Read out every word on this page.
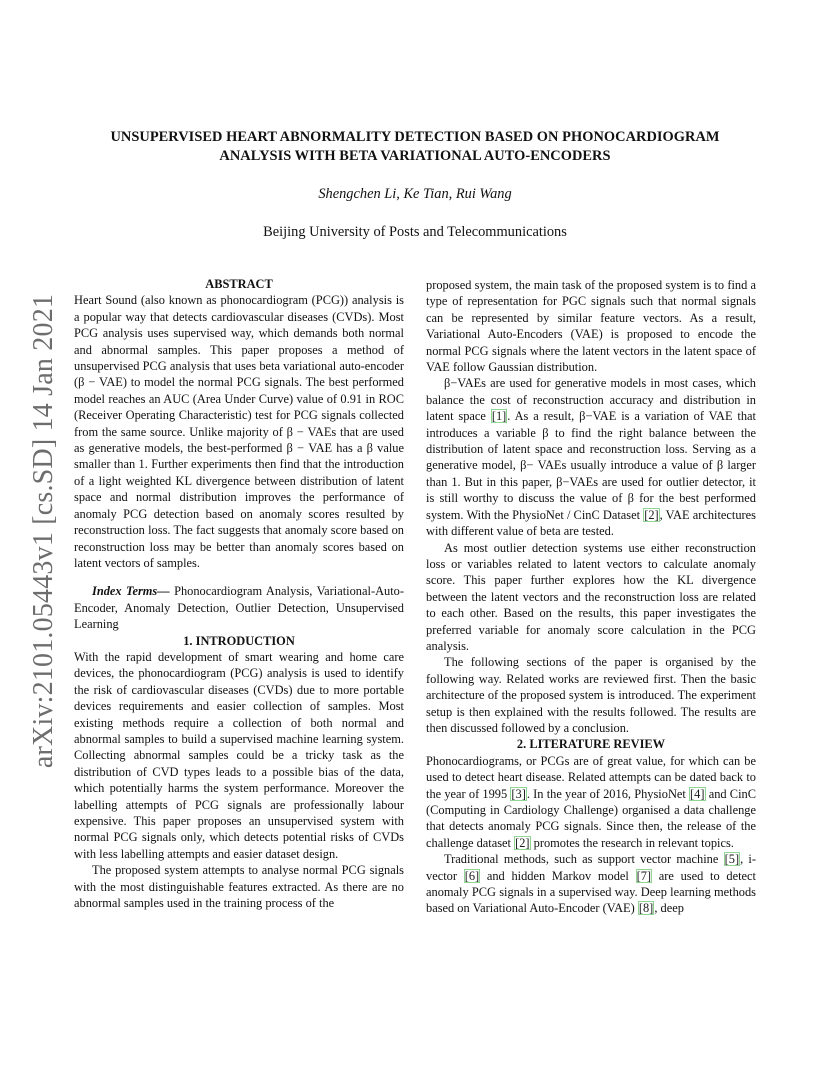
arXiv:2101.05443v1 [cs.SD] 14 Jan 2021
UNSUPERVISED HEART ABNORMALITY DETECTION BASED ON PHONOCARDIOGRAM
ANALYSIS WITH BETA VARIATIONAL AUTO-ENCODERS
Shengchen Li, Ke Tian, Rui Wang
Beijing University of Posts and Telecommunications

ABSTRACT

Heart Sound (also known as phonocardiogram (PCG)) analysis is a popular way that detects cardiovascular diseases (CVDs). Most PCG analysis uses supervised way, which demands both normal and abnormal samples. This paper proposes a method of unsupervised PCG analysis that uses beta variational auto-encoder (β − VAE) to model the normal PCG signals. The best performed model reaches an AUC (Area Under Curve) value of 0.91 in ROC (Receiver Operating Characteristic) test for PCG signals collected from the same source. Unlike majority of β − VAEs that are used as generative models, the best-performed β − VAE has a β value smaller than 1. Further experiments then find that the introduction of a light weighted KL divergence between distribution of latent space and normal distribution improves the performance of anomaly PCG detection based on anomaly scores resulted by reconstruction loss. The fact suggests that anomaly score based on reconstruction loss may be better than anomaly scores based on latent vectors of samples.

Index Terms— Phonocardiogram Analysis, Variational-Auto-Encoder, Anomaly Detection, Outlier Detection, Unsupervised Learning

1. INTRODUCTION

With the rapid development of smart wearing and home care devices, the phonocardiogram (PCG) analysis is used to identify the risk of cardiovascular diseases (CVDs) due to more portable devices requirements and easier collection of samples. Most existing methods require a collection of both normal and abnormal samples to build a supervised machine learning system. Collecting abnormal samples could be a tricky task as the distribution of CVD types leads to a possible bias of the data, which potentially harms the system performance. Moreover the labelling attempts of PCG signals are professionally labour expensive. This paper proposes an unsupervised system with normal PCG signals only, which detects potential risks of CVDs with less labelling attempts and easier dataset design.

The proposed system attempts to analyse normal PCG signals with the most distinguishable features extracted. As there are no abnormal samples used in the training process of the

proposed system, the main task of the proposed system is to find a type of representation for PGC signals such that normal signals can be represented by similar feature vectors. As a result, Variational Auto-Encoders (VAE) is proposed to encode the normal PCG signals where the latent vectors in the latent space of VAE follow Gaussian distribution.

β−VAEs are used for generative models in most cases, which balance the cost of reconstruction accuracy and distribution in latent space [1]. As a result, β−VAE is a variation of VAE that introduces a variable β to find the right balance between the distribution of latent space and reconstruction loss. Serving as a generative model, β− VAEs usually introduce a value of β larger than 1. But in this paper, β−VAEs are used for outlier detector, it is still worthy to discuss the value of β for the best performed system. With the PhysioNet / CinC Dataset [2], VAE architectures with different value of beta are tested.

As most outlier detection systems use either reconstruction loss or variables related to latent vectors to calculate anomaly score. This paper further explores how the KL divergence between the latent vectors and the reconstruction loss are related to each other. Based on the results, this paper investigates the preferred variable for anomaly score calculation in the PCG analysis.

The following sections of the paper is organised by the following way. Related works are reviewed first. Then the basic architecture of the proposed system is introduced. The experiment setup is then explained with the results followed. The results are then discussed followed by a conclusion.

2. LITERATURE REVIEW

Phonocardiograms, or PCGs are of great value, for which can be used to detect heart disease. Related attempts can be dated back to the year of 1995 [3]. In the year of 2016, PhysioNet [4] and CinC (Computing in Cardiology Challenge) organised a data challenge that detects anomaly PCG signals. Since then, the release of the challenge dataset [2] promotes the research in relevant topics.

Traditional methods, such as support vector machine [5], i-vector [6] and hidden Markov model [7] are used to detect anomaly PCG signals in a supervised way. Deep learning methods based on Variational Auto-Encoder (VAE) [8], deep
